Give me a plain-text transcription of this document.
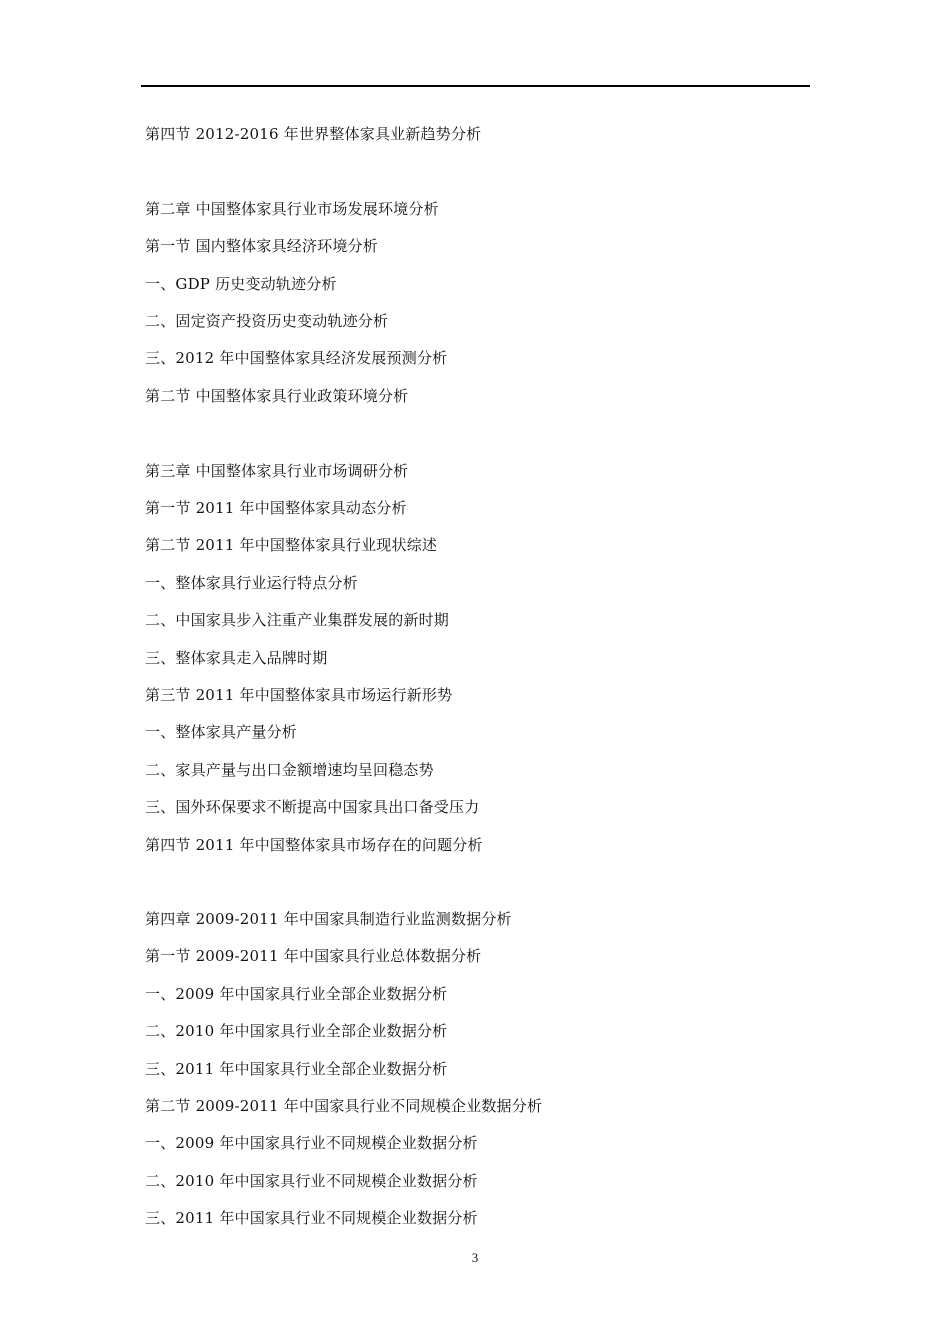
第四节 2012-2016 年世界整体家具业新趋势分析
第二章 中国整体家具行业市场发展环境分析
第一节 国内整体家具经济环境分析
一、GDP 历史变动轨迹分析
二、固定资产投资历史变动轨迹分析
三、2012 年中国整体家具经济发展预测分析
第二节 中国整体家具行业政策环境分析
第三章 中国整体家具行业市场调研分析
第一节 2011 年中国整体家具动态分析
第二节 2011 年中国整体家具行业现状综述
一、整体家具行业运行特点分析
二、中国家具步入注重产业集群发展的新时期
三、整体家具走入品牌时期
第三节 2011 年中国整体家具市场运行新形势
一、整体家具产量分析
二、家具产量与出口金额增速均呈回稳态势
三、国外环保要求不断提高中国家具出口备受压力
第四节 2011 年中国整体家具市场存在的问题分析
第四章 2009-2011 年中国家具制造行业监测数据分析
第一节 2009-2011 年中国家具行业总体数据分析
一、2009 年中国家具行业全部企业数据分析
二、2010 年中国家具行业全部企业数据分析
三、2011 年中国家具行业全部企业数据分析
第二节 2009-2011 年中国家具行业不同规模企业数据分析
一、2009 年中国家具行业不同规模企业数据分析
二、2010 年中国家具行业不同规模企业数据分析
三、2011 年中国家具行业不同规模企业数据分析
3
